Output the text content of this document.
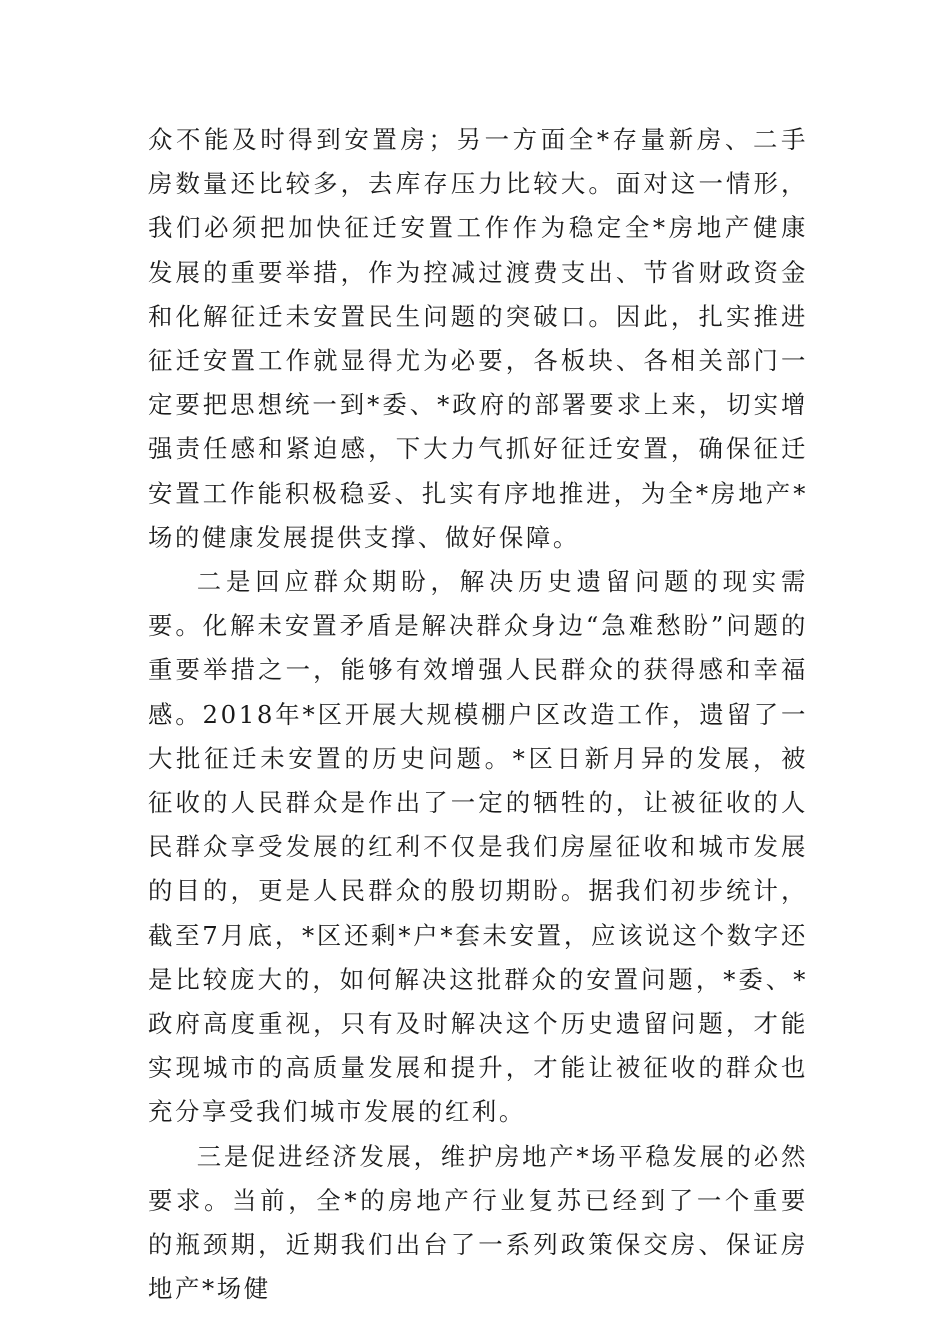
众不能及时得到安置房；另一方面全*存量新房、二手房数量还比较多，去库存压力比较大。面对这一情形，我们必须把加快征迁安置工作作为稳定全*房地产健康发展的重要举措，作为控减过渡费支出、节省财政资金和化解征迁未安置民生问题的突破口。因此，扎实推进征迁安置工作就显得尤为必要，各板块、各相关部门一定要把思想统一到*委、*政府的部署要求上来，切实增强责任感和紧迫感，下大力气抓好征迁安置，确保征迁安置工作能积极稳妥、扎实有序地推进，为全*房地产*场的健康发展提供支撑、做好保障。

二是回应群众期盼，解决历史遗留问题的现实需要。化解未安置矛盾是解决群众身边“急难愁盼”问题的重要举措之一，能够有效增强人民群众的获得感和幸福感。2018年*区开展大规模棚户区改造工作，遗留了一大批征迁未安置的历史问题。*区日新月异的发展，被征收的人民群众是作出了一定的牺牲的，让被征收的人民群众享受发展的红利不仅是我们房屋征收和城市发展的目的，更是人民群众的殷切期盼。据我们初步统计，截至7月底，*区还剩*户*套未安置，应该说这个数字还是比较庞大的，如何解决这批群众的安置问题，*委、*政府高度重视，只有及时解决这个历史遗留问题，才能实现城市的高质量发展和提升，才能让被征收的群众也充分享受我们城市发展的红利。

三是促进经济发展，维护房地产*场平稳发展的必然要求。当前，全*的房地产行业复苏已经到了一个重要的瓶颈期，近期我们出台了一系列政策保交房、保证房地产*场健
